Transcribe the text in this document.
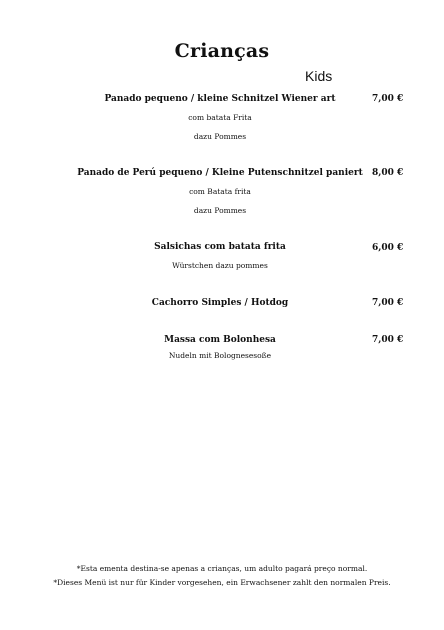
Crianças
Kids
Panado pequeno / kleine Schnitzel Wiener art
com batata Frita
dazu Pommes
7,00 €
Panado de Perú pequeno / Kleine Putenschnitzel paniert
com Batata frita
dazu Pommes
8,00 €
Salsichas com batata frita
Würstchen dazu pommes
6,00 €
Cachorro Simples / Hotdog	7,00 €
Massa com Bolonhesa
Nudeln mit Bolognesesoße
7,00 €
*Esta ementa destina-se apenas a crianças, um adulto pagará preço normal.
*Dieses Menü ist nur für Kinder vorgesehen, ein Erwachsener zahlt den normalen Preis.
